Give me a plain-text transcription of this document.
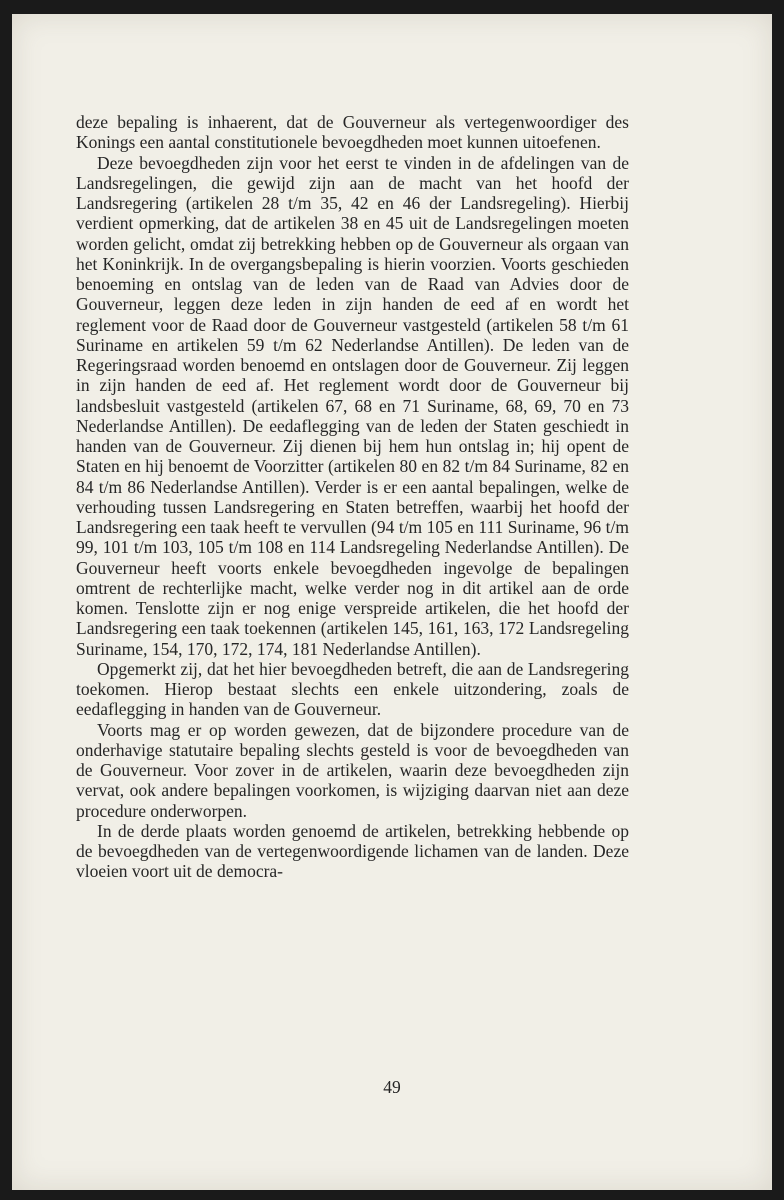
deze bepaling is inhaerent, dat de Gouverneur als vertegenwoordiger des Konings een aantal constitutionele bevoegdheden moet kunnen uitoefenen.

Deze bevoegdheden zijn voor het eerst te vinden in de afdelingen van de Landsregelingen, die gewijd zijn aan de macht van het hoofd der Landsregering (artikelen 28 t/m 35, 42 en 46 der Landsregeling). Hierbij verdient opmerking, dat de artikelen 38 en 45 uit de Landsregelingen moeten worden gelicht, omdat zij betrekking hebben op de Gouverneur als orgaan van het Koninkrijk. In de overgangsbepaling is hierin voorzien. Voorts geschieden benoeming en ontslag van de leden van de Raad van Advies door de Gouverneur, leggen deze leden in zijn handen de eed af en wordt het reglement voor de Raad door de Gouverneur vastgesteld (artikelen 58 t/m 61 Suriname en artikelen 59 t/m 62 Nederlandse Antillen). De leden van de Regeringsraad worden benoemd en ontslagen door de Gouverneur. Zij leggen in zijn handen de eed af. Het reglement wordt door de Gouverneur bij landsbesluit vastgesteld (artikelen 67, 68 en 71 Suriname, 68, 69, 70 en 73 Nederlandse Antillen). De eedaflegging van de leden der Staten geschiedt in handen van de Gouverneur. Zij dienen bij hem hun ontslag in; hij opent de Staten en hij benoemt de Voorzitter (artikelen 80 en 82 t/m 84 Suriname, 82 en 84 t/m 86 Nederlandse Antillen). Verder is er een aantal bepalingen, welke de verhouding tussen Landsregering en Staten betreffen, waarbij het hoofd der Landsregering een taak heeft te vervullen (94 t/m 105 en 111 Suriname, 96 t/m 99, 101 t/m 103, 105 t/m 108 en 114 Landsregeling Nederlandse Antillen). De Gouverneur heeft voorts enkele bevoegdheden ingevolge de bepalingen omtrent de rechterlijke macht, welke verder nog in dit artikel aan de orde komen. Tenslotte zijn er nog enige verspreide artikelen, die het hoofd der Landsregering een taak toekennen (artikelen 145, 161, 163, 172 Landsregeling Suriname, 154, 170, 172, 174, 181 Nederlandse Antillen).

Opgemerkt zij, dat het hier bevoegdheden betreft, die aan de Landsregering toekomen. Hierop bestaat slechts een enkele uitzondering, zoals de eedaflegging in handen van de Gouverneur.

Voorts mag er op worden gewezen, dat de bijzondere procedure van de onderhavige statutaire bepaling slechts gesteld is voor de bevoegdheden van de Gouverneur. Voor zover in de artikelen, waarin deze bevoegdheden zijn vervat, ook andere bepalingen voorkomen, is wijziging daarvan niet aan deze procedure onderworpen.

In de derde plaats worden genoemd de artikelen, betrekking hebbende op de bevoegdheden van de vertegenwoordigende lichamen van de landen. Deze vloeien voort uit de democra-

49
